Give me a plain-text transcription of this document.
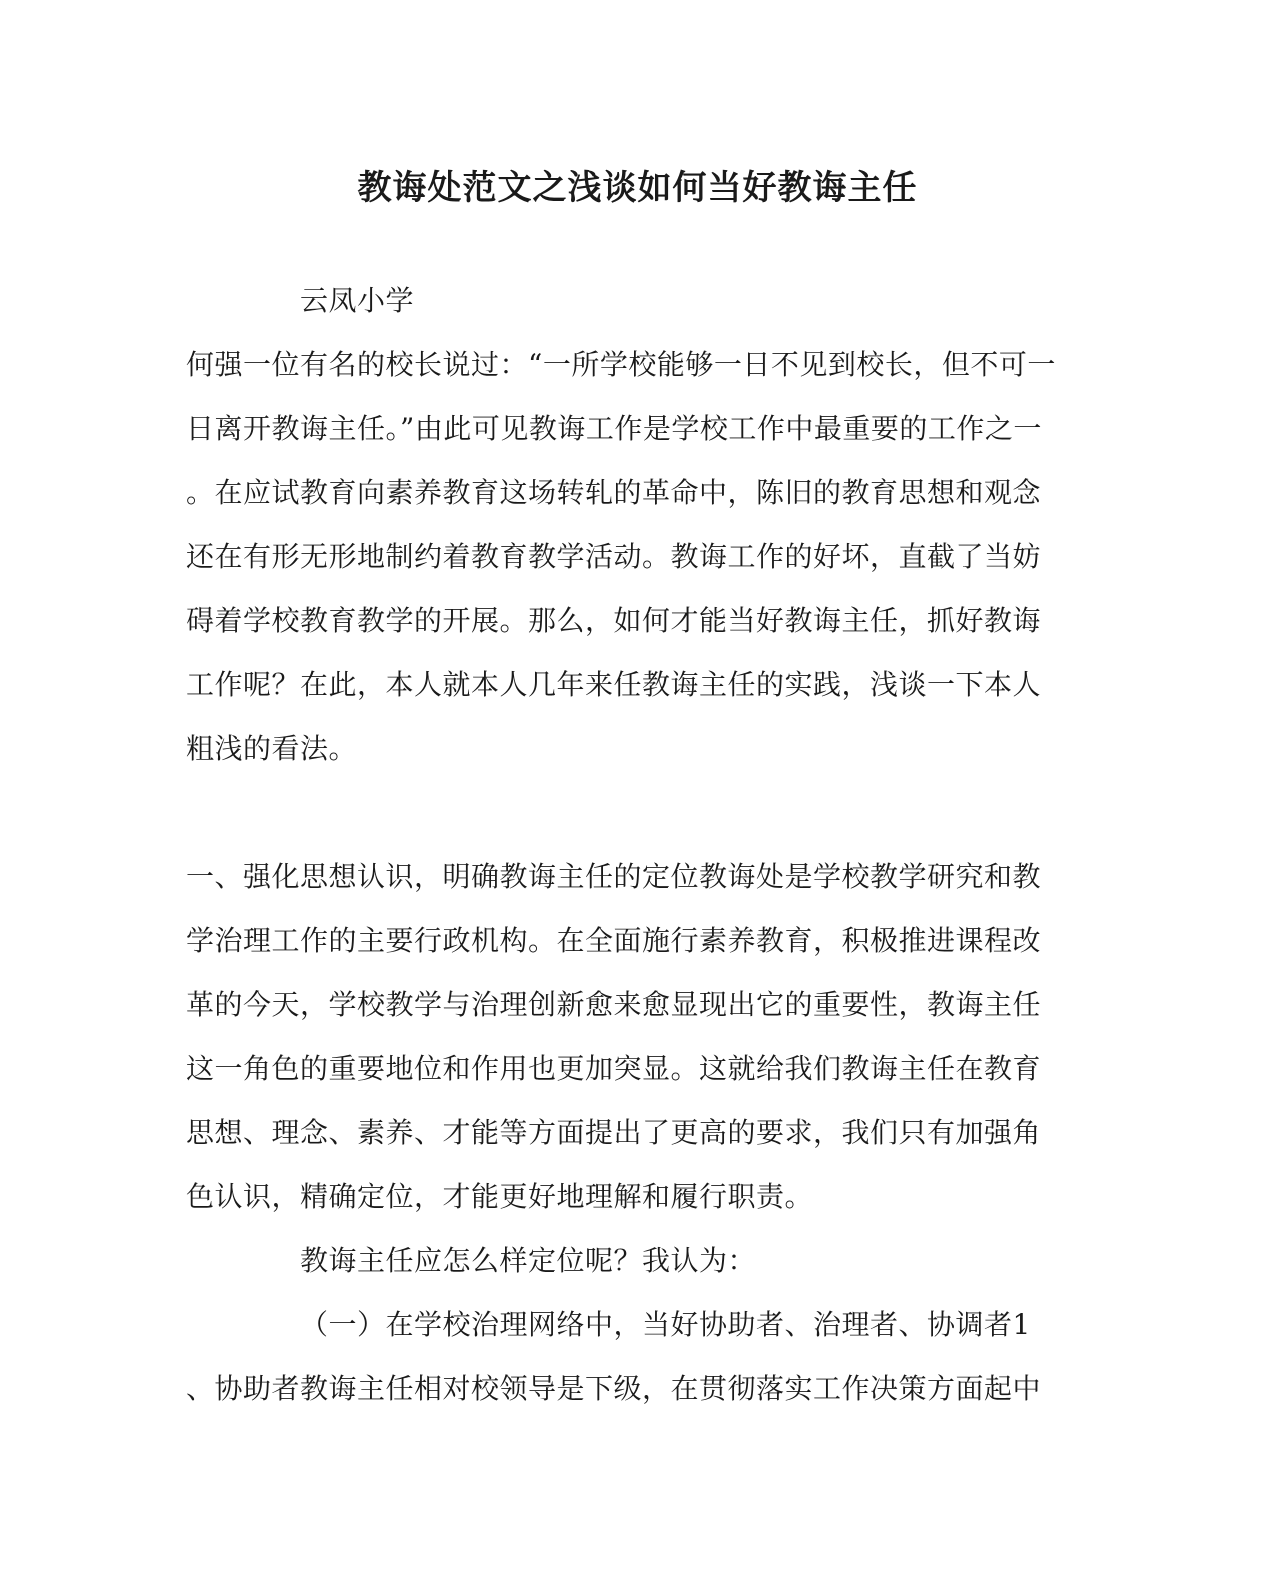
教诲处范文之浅谈如何当好教诲主任
云凤小学
何强一位有名的校长说过：“一所学校能够一日不见到校长，但不可一
日离开教诲主任。”由此可见教诲工作是学校工作中最重要的工作之一
。在应试教育向素养教育这场转轧的革命中，陈旧的教育思想和观念
还在有形无形地制约着教育教学活动。教诲工作的好坏，直截了当妨
碍着学校教育教学的开展。那么，如何才能当好教诲主任，抓好教诲
工作呢？在此，本人就本人几年来任教诲主任的实践，浅谈一下本人
粗浅的看法。
一、强化思想认识，明确教诲主任的定位教诲处是学校教学研究和教
学治理工作的主要行政机构。在全面施行素养教育，积极推进课程改
革的今天，学校教学与治理创新愈来愈显现出它的重要性，教诲主任
这一角色的重要地位和作用也更加突显。这就给我们教诲主任在教育
思想、理念、素养、才能等方面提出了更高的要求，我们只有加强角
色认识，精确定位，才能更好地理解和履行职责。
教诲主任应怎么样定位呢？我认为：
（一）在学校治理网络中，当好协助者、治理者、协调者1
、协助者教诲主任相对校领导是下级，在贯彻落实工作决策方面起中
